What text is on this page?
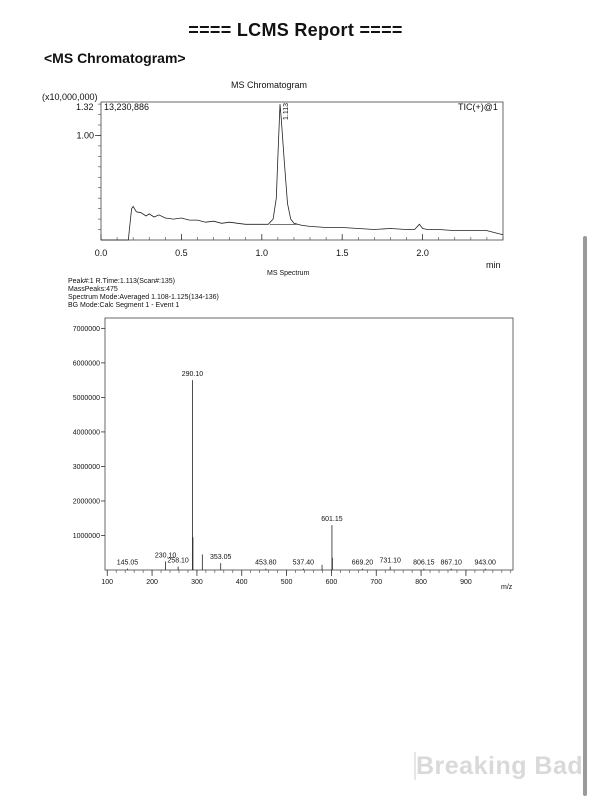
==== LCMS Report ====
<MS Chromatogram>
MS Chromatogram
(x10,000,000)
1.32 13,230,886	TIC(+)@1
min
0.0	0.5	1.0	1.5	2.0
1.00
1.113
MS Spectrum
Peak#:1 R.Time:1.113(Scan#:135)
MassPeaks:475
Spectrum Mode:Averaged 1.108-1.125(134-136)
BG Mode:Calc Segment 1 - Event 1
m/z
100	200	300	400	500	600	700	800	900
1000000
2000000
3000000
4000000
5000000
6000000
7000000
145.05
230.10
258.10
290.10
353.05
453.80 537.40
601.15
669.20 731.10 806.15 867.10 943.00
Breaking Bad
